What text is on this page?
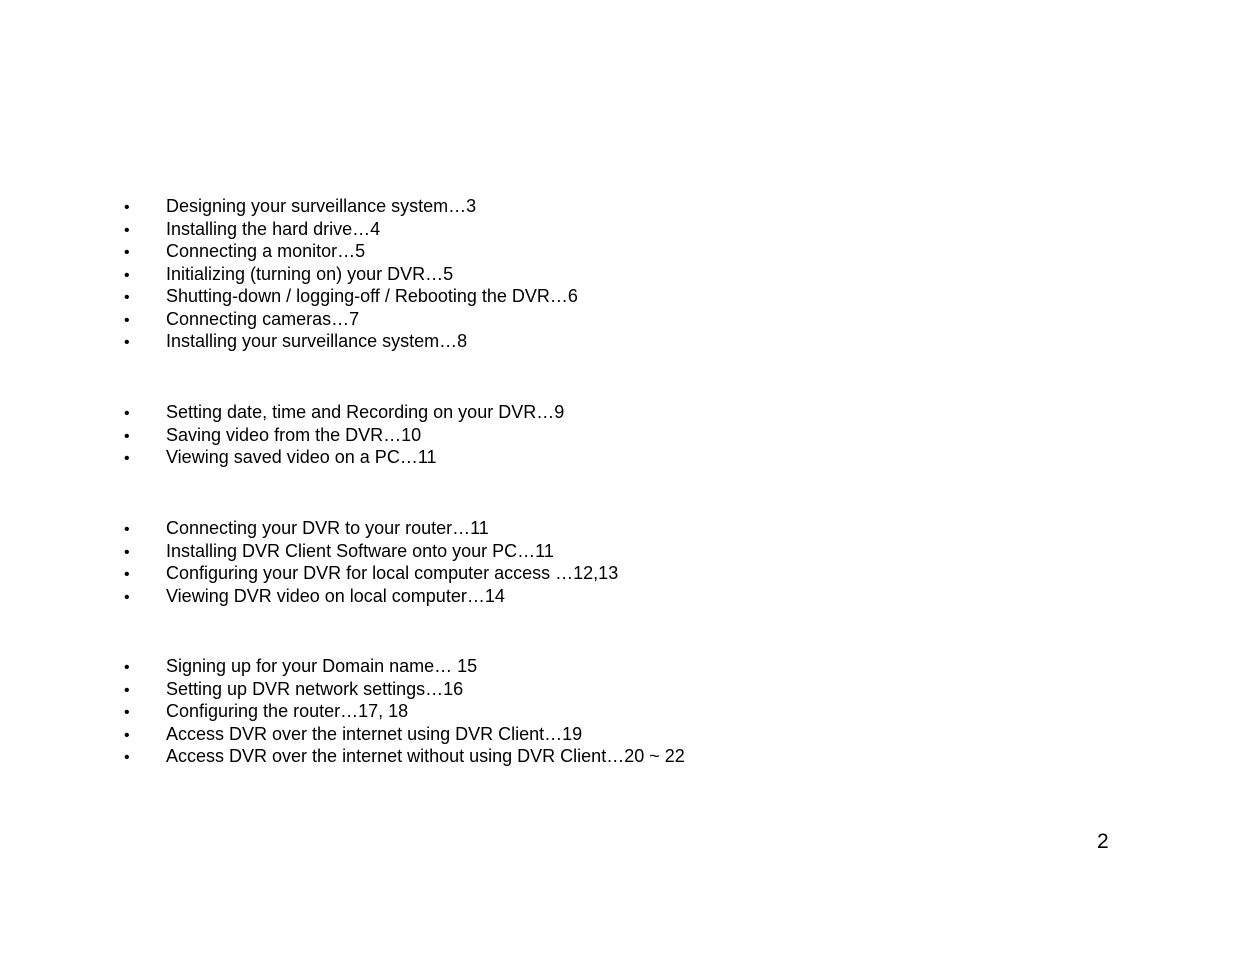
•	Designing your surveillance system…3
•	Installing the hard drive…4
•	Connecting a monitor…5
•	Initializing (turning on) your DVR…5
•	Shutting-down / logging-off / Rebooting the DVR…6
•	Connecting cameras…7
•	Installing your surveillance system…8
•	Setting date, time and Recording on your DVR…9
•	Saving video from the DVR…10
•	Viewing saved video on a PC…11
•	Connecting your DVR to your router…11
•	Installing DVR Client Software onto your PC…11
•	Configuring your DVR for local computer access …12,13
•	Viewing DVR video on local computer…14
•	Signing up for your Domain name… 15
•	Setting up DVR network settings…16
•	Configuring the router…17, 18
•	Access DVR over the internet using DVR Client…19
•	Access DVR over the internet without using DVR Client…20 ~ 22
2
